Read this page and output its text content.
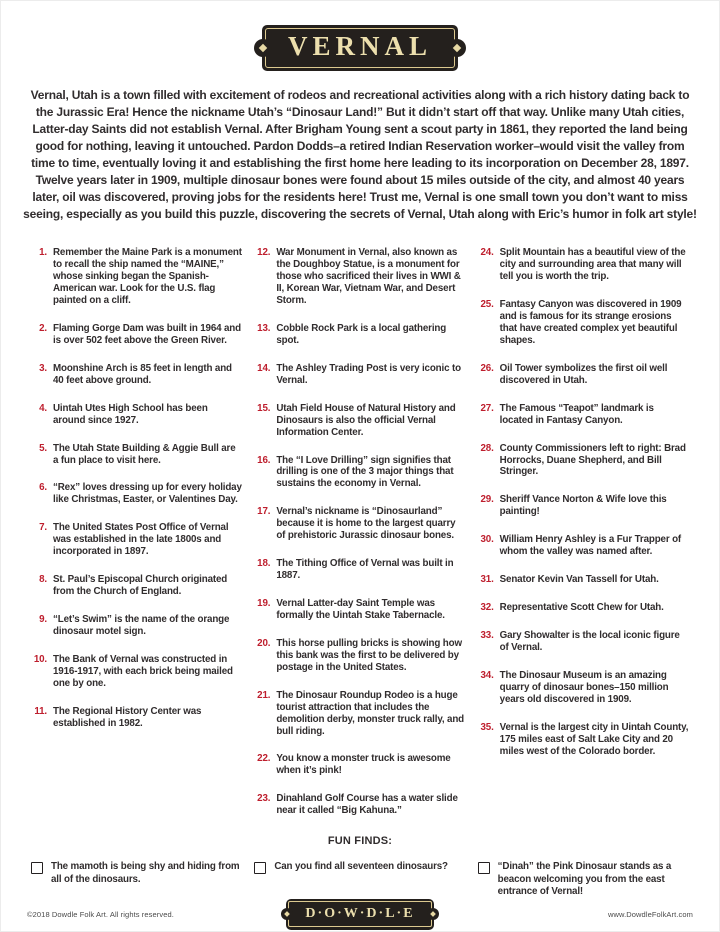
VERNAL

Vernal, Utah is a town filled with excitement of rodeos and recreational activities along with a rich history dating back to the Jurassic Era! Hence the nickname Utah’s “Dinosaur Land!” But it didn’t start off that way. Unlike many Utah cities, Latter-day Saints did not establish Vernal. After Brigham Young sent a scout party in 1861, they reported the land being good for nothing, leaving it untouched. Pardon Dodds–a retired Indian Reservation worker–would visit the valley from time to time, eventually loving it and establishing the first home here leading to its incorporation on December 28, 1897. Twelve years later in 1909, multiple dinosaur bones were found about 15 miles outside of the city, and almost 40 years later, oil was discovered, proving jobs for the residents here! Trust me, Vernal is one small town you don’t want to miss seeing, especially as you build this puzzle, discovering the secrets of Vernal, Utah along with Eric’s humor in folk art style!

1. Remember the Maine Park is a monument to recall the ship named the “MAINE,” whose sinking began the Spanish-American war. Look for the U.S. flag painted on a cliff.
2. Flaming Gorge Dam was built in 1964 and is over 502 feet above the Green River.
3. Moonshine Arch is 85 feet in length and 40 feet above ground.
4. Uintah Utes High School has been around since 1927.
5. The Utah State Building & Aggie Bull are a fun place to visit here.
6. “Rex” loves dressing up for every holiday like Christmas, Easter, or Valentines Day.
7. The United States Post Office of Vernal was established in the late 1800s and incorporated in 1897.
8. St. Paul’s Episcopal Church originated from the Church of England.
9. “Let’s Swim” is the name of the orange dinosaur motel sign.
10. The Bank of Vernal was constructed in 1916-1917, with each brick being mailed one by one.
11. The Regional History Center was established in 1982.
12. War Monument in Vernal, also known as the Doughboy Statue, is a monument for those who sacrificed their lives in WWI & II, Korean War, Vietnam War, and Desert Storm.
13. Cobble Rock Park is a local gathering spot.
14. The Ashley Trading Post is very iconic to Vernal.
15. Utah Field House of Natural History and Dinosaurs is also the official Vernal Information Center.
16. The “I Love Drilling” sign signifies that drilling is one of the 3 major things that sustains the economy in Vernal.
17. Vernal’s nickname is “Dinosaurland” because it is home to the largest quarry of prehistoric Jurassic dinosaur bones.
18. The Tithing Office of Vernal was built in 1887.
19. Vernal Latter-day Saint Temple was formally the Uintah Stake Tabernacle.
20. This horse pulling bricks is showing how this bank was the first to be delivered by postage in the United States.
21. The Dinosaur Roundup Rodeo is a huge tourist attraction that includes the demolition derby, monster truck rally, and bull riding.
22. You know a monster truck is awesome when it’s pink!
23. Dinahland Golf Course has a water slide near it called “Big Kahuna.”
24. Split Mountain has a beautiful view of the city and surrounding area that many will tell you is worth the trip.
25. Fantasy Canyon was discovered in 1909 and is famous for its strange erosions that have created complex yet beautiful shapes.
26. Oil Tower symbolizes the first oil well discovered in Utah.
27. The Famous “Teapot” landmark is located in Fantasy Canyon.
28. County Commissioners left to right: Brad Horrocks, Duane Shepherd, and Bill Stringer.
29. Sheriff Vance Norton & Wife love this painting!
30. William Henry Ashley is a Fur Trapper of whom the valley was named after.
31. Senator Kevin Van Tassell for Utah.
32. Representative Scott Chew for Utah.
33. Gary Showalter is the local iconic figure of Vernal.
34. The Dinosaur Museum is an amazing quarry of dinosaur bones–150 million years old discovered in 1909.
35. Vernal is the largest city in Uintah County, 175 miles east of Salt Lake City and 20 miles west of the Colorado border.
FUN FINDS:
The mamoth is being shy and hiding from all of the dinosaurs.
Can you find all seventeen dinosaurs?	“Dinah” the Pink Dinosaur stands as a beacon welcoming you from the east entrance of Vernal!
©2018 Dowdle Folk Art. All rights reserved.	D·O·W·D·L·E	www.DowdleFolkArt.com
